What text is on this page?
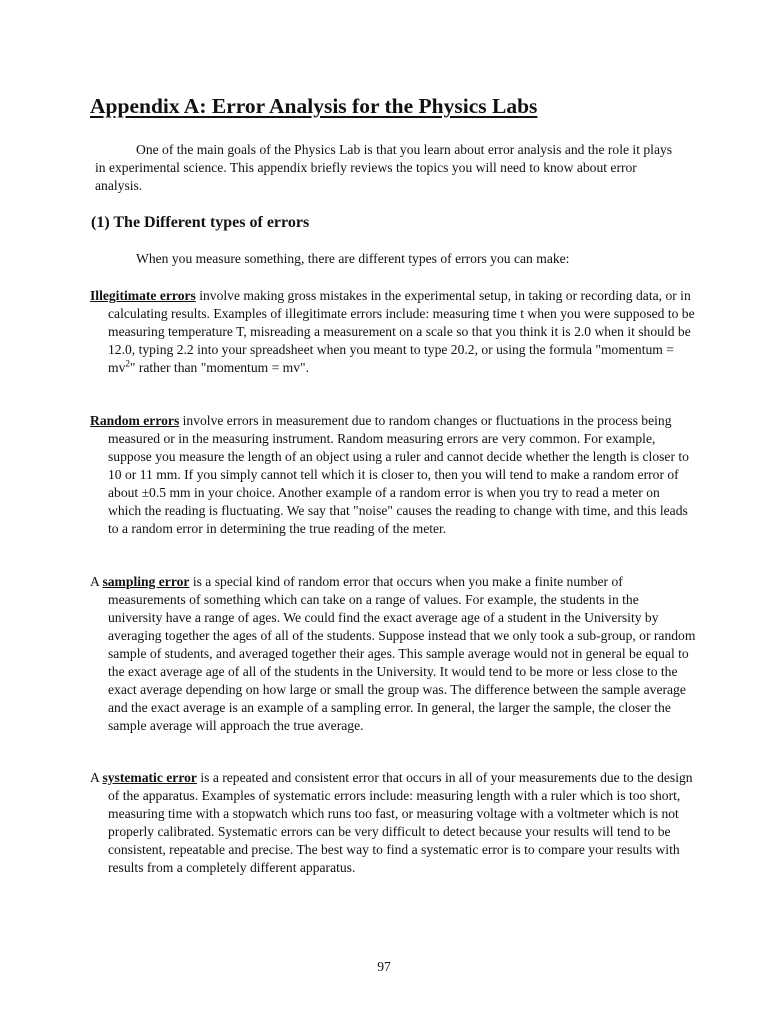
Appendix A: Error Analysis for the Physics Labs

One of the main goals of the Physics Lab is that you learn about error analysis and the role it plays in experimental science. This appendix briefly reviews the topics you will need to know about error analysis.

(1) The Different types of errors

When you measure something, there are different types of errors you can make:

Illegitimate errors involve making gross mistakes in the experimental setup, in taking or recording data, or in calculating results. Examples of illegitimate errors include: measuring time t when you were supposed to be measuring temperature T, misreading a measurement on a scale so that you think it is 2.0 when it should be 12.0, typing 2.2 into your spreadsheet when you meant to type 20.2, or using the formula "momentum = $mv^2$" rather than "momentum = mv".

Random errors involve errors in measurement due to random changes or fluctuations in the process being measured or in the measuring instrument. Random measuring errors are very common. For example, suppose you measure the length of an object using a ruler and cannot decide whether the length is closer to 10 or 11 mm. If you simply cannot tell which it is closer to, then you will tend to make a random error of about ±0.5 mm in your choice. Another example of a random error is when you try to read a meter on which the reading is fluctuating. We say that "noise" causes the reading to change with time, and this leads to a random error in determining the true reading of the meter.

A sampling error is a special kind of random error that occurs when you make a finite number of measurements of something which can take on a range of values. For example, the students in the university have a range of ages. We could find the exact average age of a student in the University by averaging together the ages of all of the students. Suppose instead that we only took a sub-group, or random sample of students, and averaged together their ages. This sample average would not in general be equal to the exact average age of all of the students in the University. It would tend to be more or less close to the exact average depending on how large or small the group was. The difference between the sample average and the exact average is an example of a sampling error. In general, the larger the sample, the closer the sample average will approach the true average.

A systematic error is a repeated and consistent error that occurs in all of your measurements due to the design of the apparatus. Examples of systematic errors include: measuring length with a ruler which is too short, measuring time with a stopwatch which runs too fast, or measuring voltage with a voltmeter which is not properly calibrated. Systematic errors can be very difficult to detect because your results will tend to be consistent, repeatable and precise. The best way to find a systematic error is to compare your results with results from a completely different apparatus.

97
